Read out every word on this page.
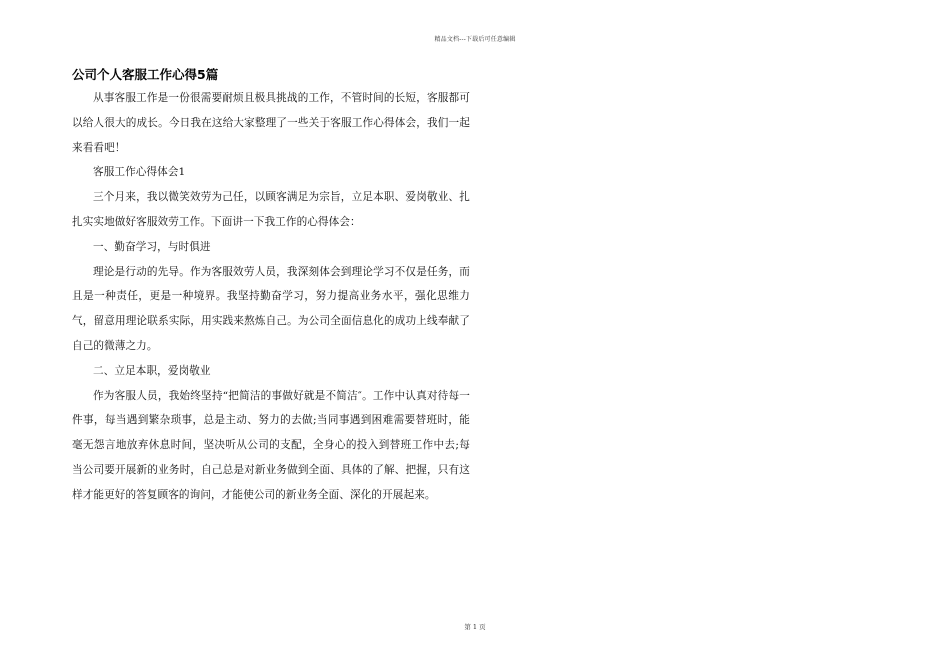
精品文档---下载后可任意编辑
公司个人客服工作心得5篇

从事客服工作是一份很需要耐烦且极具挑战的工作，不管时间的长短，客服都可以给人很大的成长。今日我在这给大家整理了一些关于客服工作心得体会，我们一起来看看吧！

客服工作心得体会1

三个月来，我以微笑效劳为己任，以顾客满足为宗旨，立足本职、爱岗敬业、扎扎实实地做好客服效劳工作。下面讲一下我工作的心得体会：

一、勤奋学习，与时俱进

理论是行动的先导。作为客服效劳人员，我深刻体会到理论学习不仅是任务，而且是一种责任，更是一种境界。我坚持勤奋学习，努力提高业务水平，强化思维力气，留意用理论联系实际，用实践来熬炼自己。为公司全面信息化的成功上线奉献了自己的微薄之力。

二、立足本职，爱岗敬业

作为客服人员，我始终坚持“把简洁的事做好就是不简洁″。工作中认真对待每一件事，每当遇到繁杂琐事，总是主动、努力的去做;当同事遇到困难需要替班时，能毫无怨言地放弃休息时间，坚决听从公司的支配，全身心的投入到替班工作中去;每当公司要开展新的业务时，自己总是对新业务做到全面、具体的了解、把握，只有这样才能更好的答复顾客的询问，才能使公司的新业务全面、深化的开展起来。

第 1 页
